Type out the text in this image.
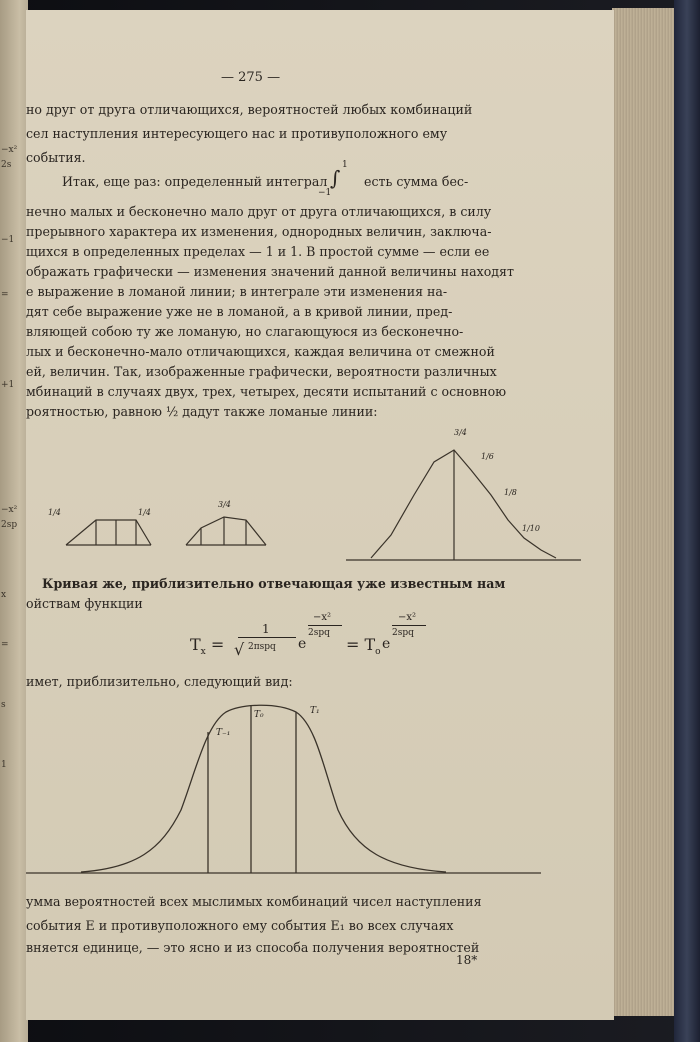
−x²
2s
−1
=
+1
−x²
2sp
x
=
s
1
— 275 —
но друг от друга отличающихся, вероятностей любых комбинаций
сел наступления интересующего нас и противуположного ему
события.
Итак, еще раз: определенный интеграл
1
∫
−1
есть сумма бес-
нечно малых и бесконечно мало друг от друга отличающихся, в силу
прерывного характера их изменения, однородных величин, заключа-
щихся в определенных пределах — 1 и 1. В простой сумме — если ее
ображать графически — изменения значений данной величины находят
е выражение в ломаной линии; в интеграле эти изменения на-
дят себе выражение уже не в ломаной, а в кривой линии, пред-
вляющей собою ту же ломаную, но слагающуюся из бесконечно-
лых и бесконечно-мало отличающихся, каждая величина от смежной
ей, величин. Так, изображенные графически, вероятности различных
мбинаций в случаях двух, трех, четырех, десяти испытаний с основною
роятностью, равною ½ дадут также ломаные линии:
1/4	1/4
3/4
3/4
1/6
1/8
1/10
Кривая же, приблизительно отвечающая уже известным нам
ойствам функции
$T_x$ =
1
√ 2πspq e
−x²
2spq
= $T_o$
e
−x²
2spq
имет, приблизительно, следующий вид:
T₋₁
T₀	T₁
умма вероятностей всех мыслимых комбинаций чисел наступления
события E и противуположного ему события E₁ во всех случаях
вняется единице, — это ясно и из способа получения вероятностей
18*
